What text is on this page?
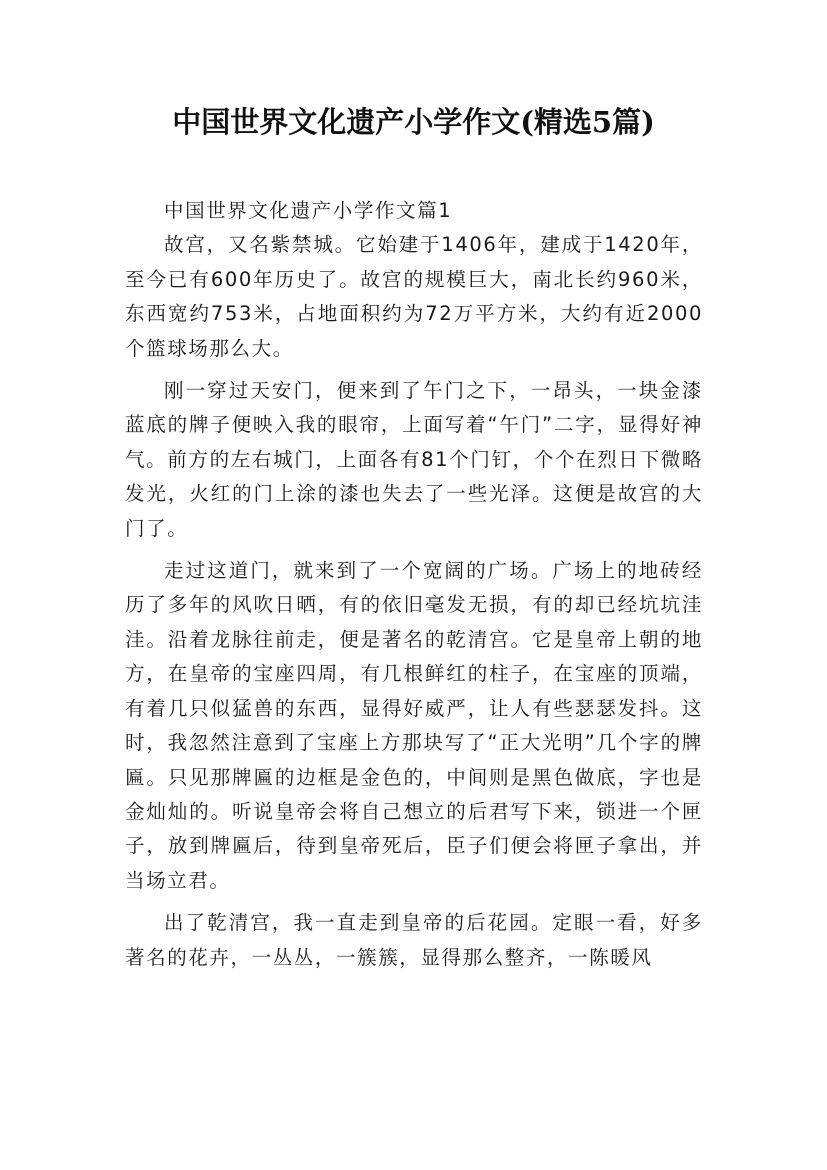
中国世界文化遗产小学作文(精选5篇)

中国世界文化遗产小学作文篇1

故宫，又名紫禁城。它始建于1406年，建成于1420年，至今已有600年历史了。故宫的规模巨大，南北长约960米，东西宽约753米，占地面积约为72万平方米，大约有近2000个篮球场那么大。

刚一穿过天安门，便来到了午门之下，一昂头，一块金漆蓝底的牌子便映入我的眼帘，上面写着“午门”二字，显得好神气。前方的左右城门，上面各有81个门钉，个个在烈日下微略发光，火红的门上涂的漆也失去了一些光泽。这便是故宫的大门了。

走过这道门，就来到了一个宽阔的广场。广场上的地砖经历了多年的风吹日晒，有的依旧毫发无损，有的却已经坑坑洼洼。沿着龙脉往前走，便是著名的乾清宫。它是皇帝上朝的地方，在皇帝的宝座四周，有几根鲜红的柱子，在宝座的顶端，有着几只似猛兽的东西，显得好威严，让人有些瑟瑟发抖。这时，我忽然注意到了宝座上方那块写了“正大光明”几个字的牌匾。只见那牌匾的边框是金色的，中间则是黑色做底，字也是金灿灿的。听说皇帝会将自己想立的后君写下来，锁进一个匣子，放到牌匾后，待到皇帝死后，臣子们便会将匣子拿出，并当场立君。

出了乾清宫，我一直走到皇帝的后花园。定眼一看，好多著名的花卉，一丛丛，一簇簇，显得那么整齐，一陈暖风
